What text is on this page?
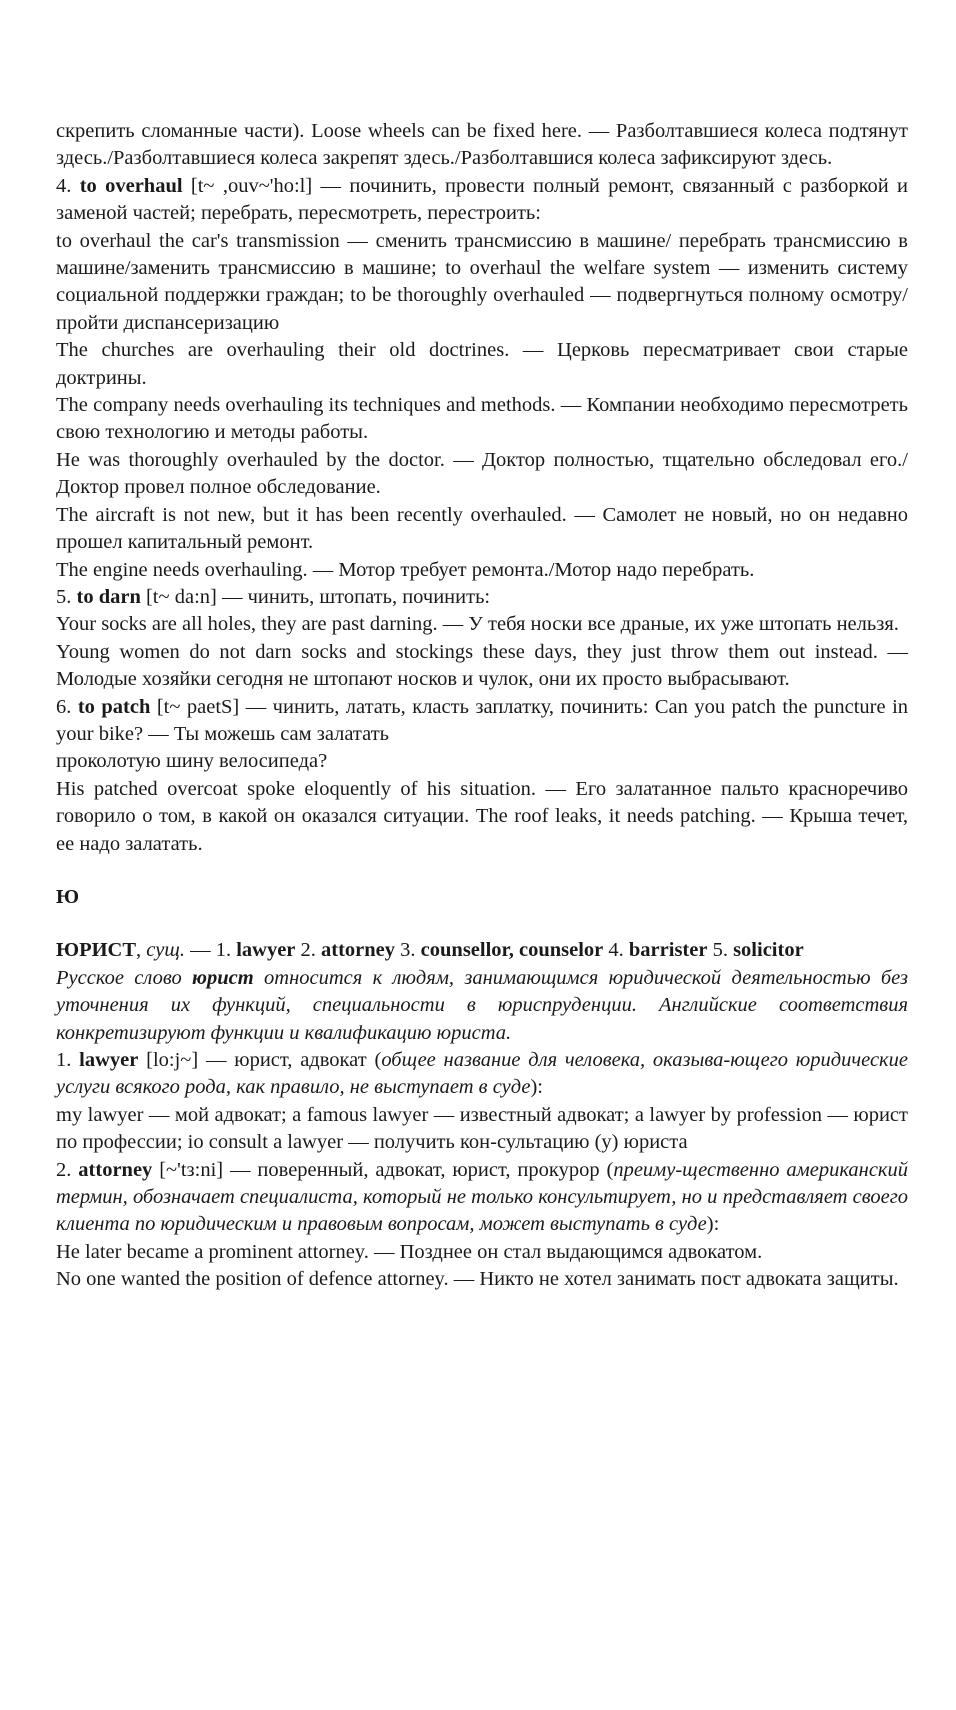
скрепить сломанные части). Loose wheels can be fixed here. — Разболтавшиеся колеса подтянут здесь./Разболтавшиеся колеса закрепят здесь./Разболтавшися колеса зафиксируют здесь.

4. to overhaul [t~ ,ouv~'ho:l] — починить, провести полный ремонт, связанный с разборкой и заменой частей; перебрать, пересмотреть, перестроить:

to overhaul the car's transmission — сменить трансмиссию в машине/ перебрать трансмиссию в машине/заменить трансмиссию в машине; to overhaul the welfare system — изменить систему социальной поддержки граждан; to be thoroughly overhauled — подвергнуться полному осмотру/пройти диспансеризацию

The churches are overhauling their old doctrines. — Церковь пересматривает свои старые доктрины.

The company needs overhauling its techniques and methods. — Компании необходимо пересмотреть свою технологию и методы работы.

He was thoroughly overhauled by the doctor. — Доктор полностью, тщательно обследовал его./Доктор провел полное обследование.

The aircraft is not new, but it has been recently overhauled. — Самолет не новый, но он недавно прошел капитальный ремонт.

The engine needs overhauling. — Мотор требует ремонта./Мотор надо перебрать.

5. to darn [t~ da:n] — чинить, штопать, починить:

Your socks are all holes, they are past darning. — У тебя носки все драные, их уже штопать нельзя.

Young women do not darn socks and stockings these days, they just throw them out instead. — Молодые хозяйки сегодня не штопают носков и чулок, они их просто выбрасывают.

6. to patch [t~ paetS] — чинить, латать, класть заплатку, починить: Can you patch the puncture in your bike? — Ты можешь сам залатать

проколотую шину велосипеда?

His patched overcoat spoke eloquently of his situation. — Его залатанное пальто красноречиво говорило о том, в какой он оказался ситуации. The roof leaks, it needs patching. — Крыша течет, ее надо залатать.

Ю

ЮРИСТ, сущ. — 1. lawyer 2. attorney 3. counsellor, counselor 4. barrister 5. solicitor

Русское слово юрист относится к людям, занимающимся юридической деятельностью без уточнения их функций, специальности в юриспруденции. Английские соответствия конкретизируют функции и квалификацию юриста.

1. lawyer [lo:j~] — юрист, адвокат (общее название для человека, оказыва-ющего юридические услуги всякого рода, как правило, не выступает в суде):

my lawyer — мой адвокат; a famous lawyer — известный адвокат; a lawyer by profession — юрист по профессии; io consult a lawyer — получить кон-сультацию (у) юриста

2. attorney [~'tз:ni] — поверенный, адвокат, юрист, прокурор (преиму-щественно американский термин, обозначает специалиста, который не только консультирует, но и представляет своего клиента по юридическим и правовым вопросам, может выступать в суде):

He later became a prominent attorney. — Позднее он стал выдающимся адвокатом.

No one wanted the position of defence attorney. — Никто не хотел занимать пост адвоката защиты.
